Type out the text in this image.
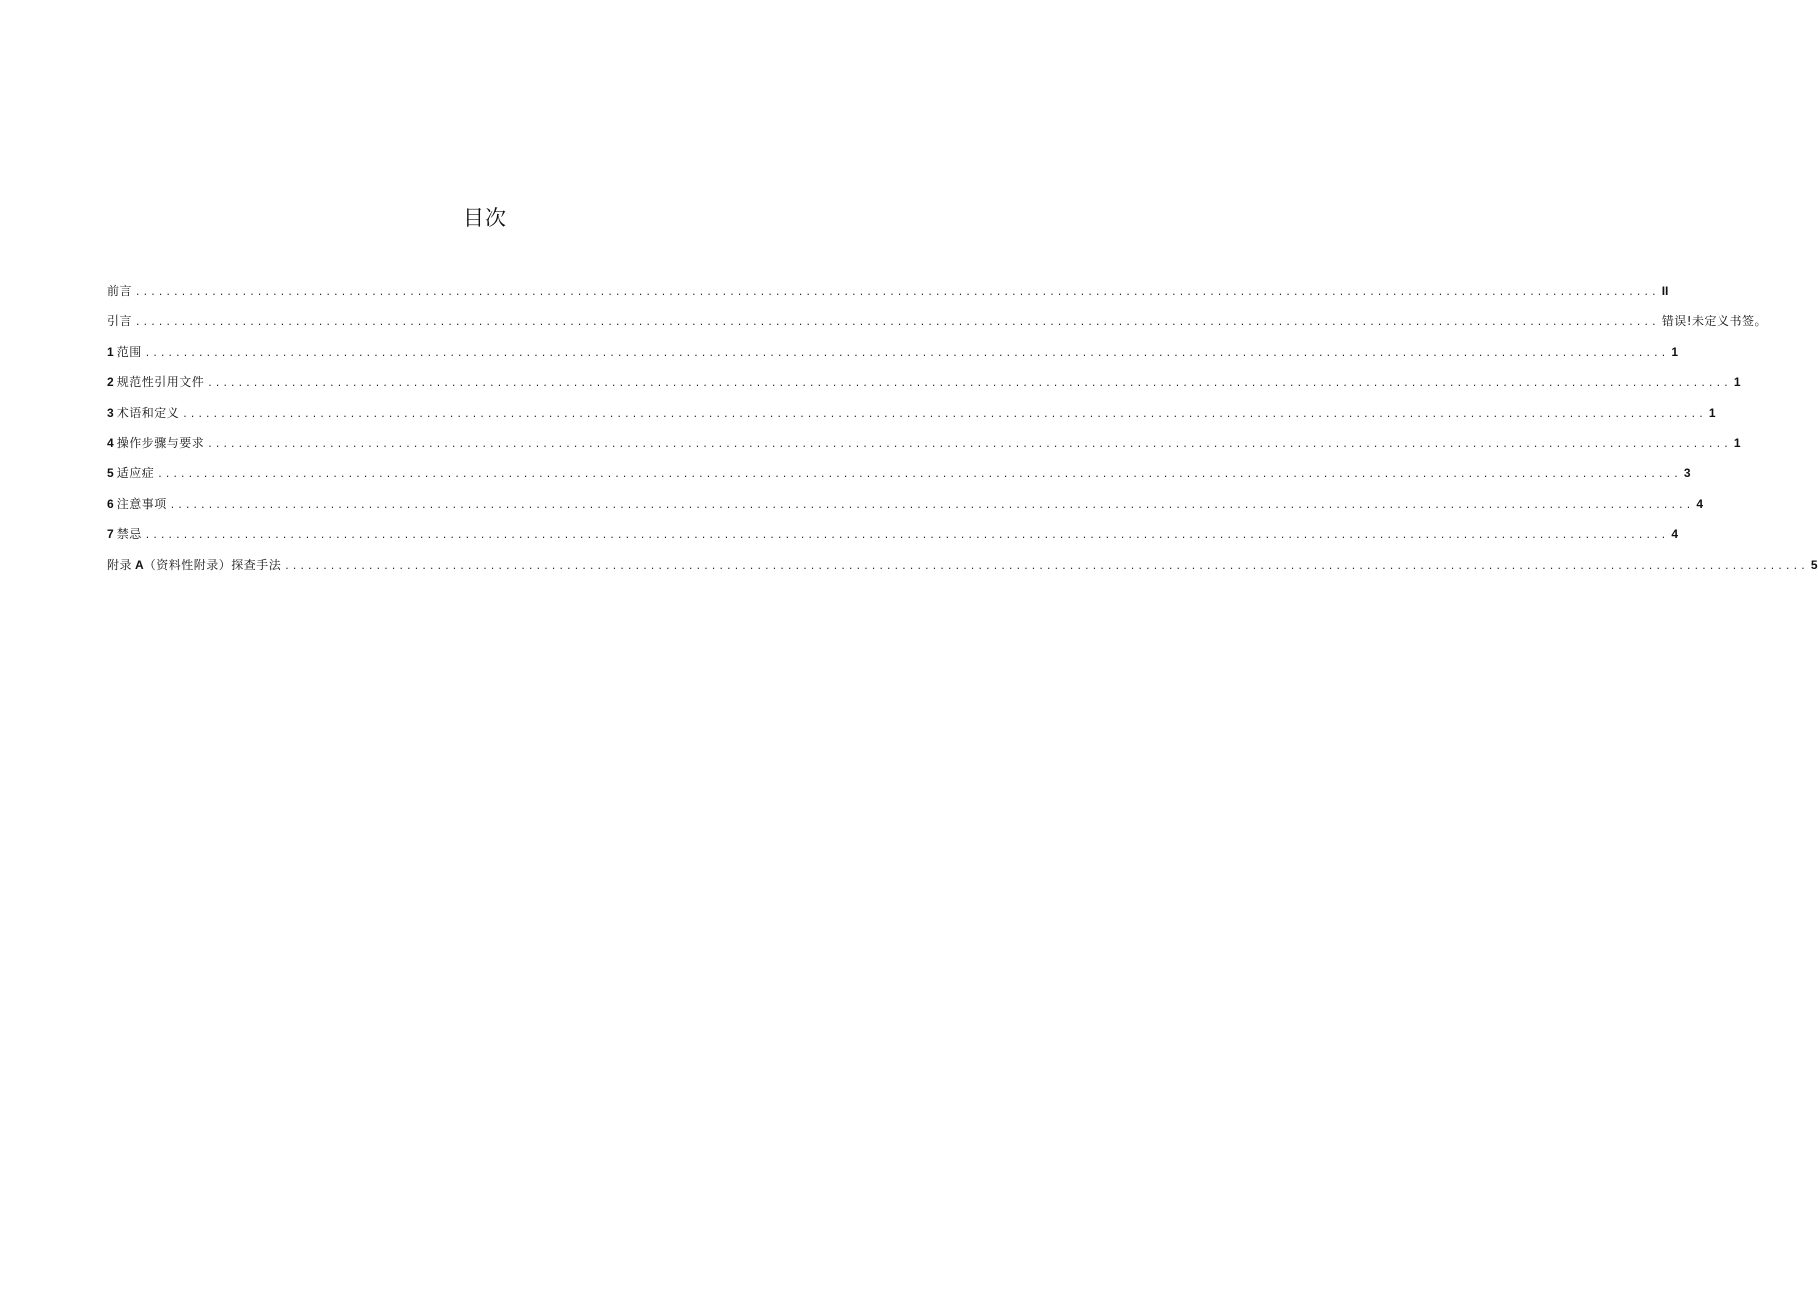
目次
前言 ........................................................................................................................................................................................................ II
引言 ........................................................................................................................................................................................................ 错误!未定义书签。
1 范围 ........................................................................................................................................................................................................ 1
2 规范性引用文件 ........................................................................................................................................................................................................ 1
3 术语和定义 ........................................................................................................................................................................................................ 1
4 操作步骤与要求 ........................................................................................................................................................................................................ 1
5 适应症 ........................................................................................................................................................................................................ 3
6 注意事项 ........................................................................................................................................................................................................ 4
7 禁忌 ........................................................................................................................................................................................................ 4
附录 A（资料性附录）探查手法 ........................................................................................................................................................................................................ 5
